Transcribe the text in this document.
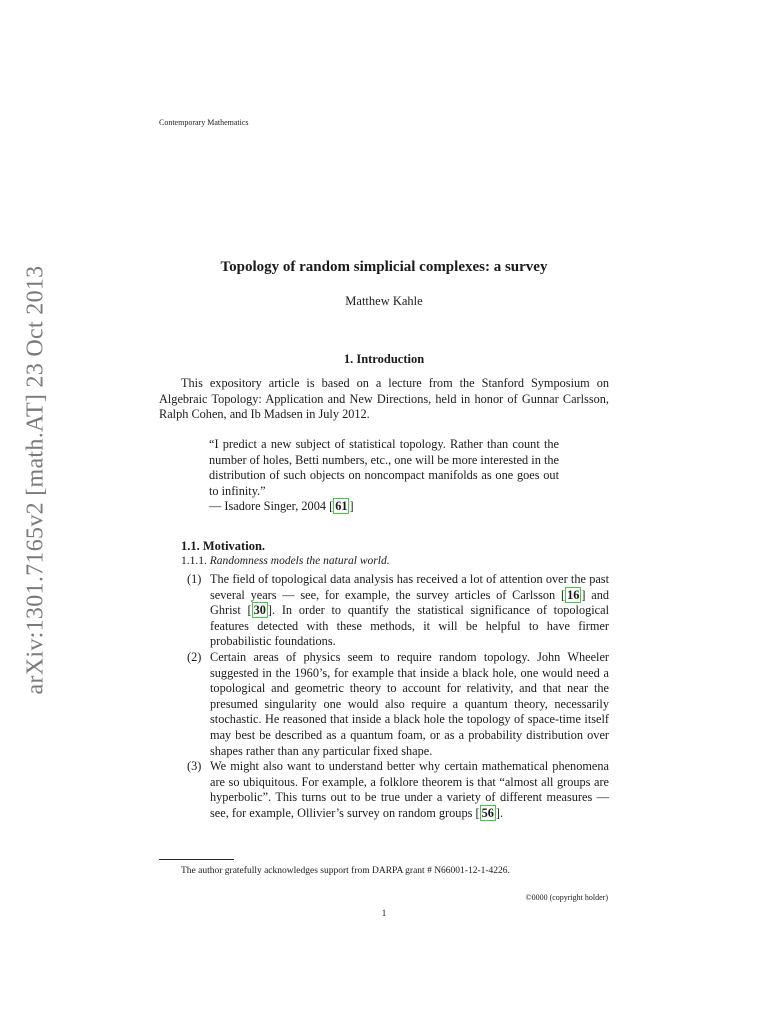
arXiv:1301.7165v2 [math.AT] 23 Oct 2013
Contemporary Mathematics
Topology of random simplicial complexes: a survey
Matthew Kahle
1. Introduction
This expository article is based on a lecture from the Stanford Symposium on Algebraic Topology: Application and New Directions, held in honor of Gunnar Carlsson, Ralph Cohen, and Ib Madsen in July 2012.
“I predict a new subject of statistical topology. Rather than count the number of holes, Betti numbers, etc., one will be more interested in the distribution of such objects on noncompact manifolds as one goes out to infinity.”
— Isadore Singer, 2004 [ 61 ]
1.1. Motivation.
1.1.1. Randomness models the natural world.
(1) The field of topological data analysis has received a lot of attention over the past several years — see, for example, the survey articles of Carlsson [ 16 ] and Ghrist [ 30 ]. In order to quantify the statistical significance of topological features detected with these methods, it will be helpful to have firmer probabilistic foundations.
(2) Certain areas of physics seem to require random topology. John Wheeler suggested in the 1960’s, for example that inside a black hole, one would need a topological and geometric theory to account for relativity, and that near the presumed singularity one would also require a quantum theory, necessarily stochastic. He reasoned that inside a black hole the topology of space-time itself may best be described as a quantum foam, or as a probability distribution over shapes rather than any particular fixed shape.
(3) We might also want to understand better why certain mathematical phenomena are so ubiquitous. For example, a folklore theorem is that “almost all groups are hyperbolic”. This turns out to be true under a variety of different measures — see, for example, Ollivier’s survey on random groups [ 56 ].
The author gratefully acknowledges support from DARPA grant # N66001-12-1-4226.
©0000 (copyright holder)
1
